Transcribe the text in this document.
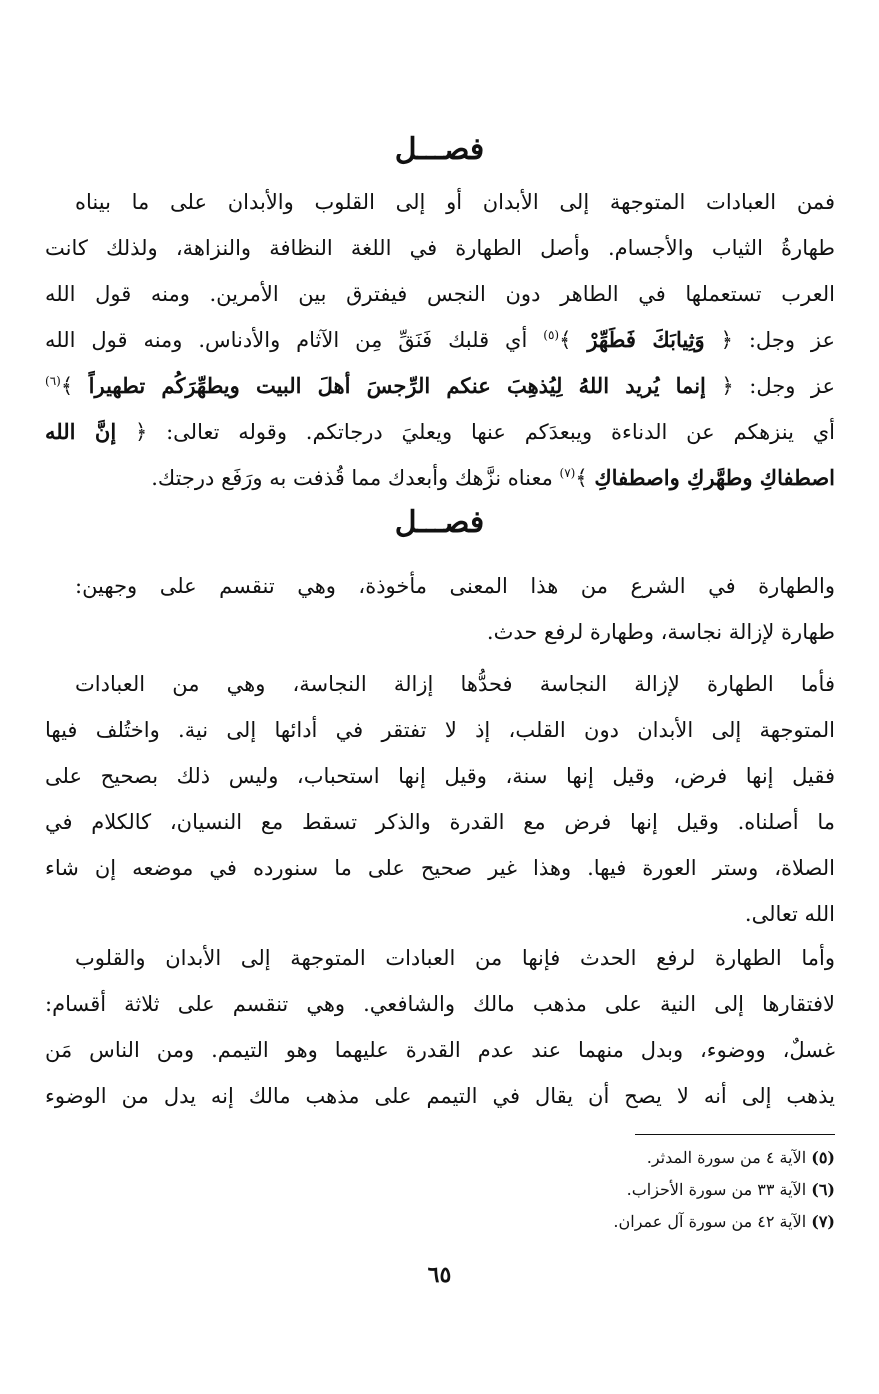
فصـــل
فمن العبادات المتوجهة إلى الأبدان أو إلى القلوب والأبدان على ما بيناه
طهارةُ الثياب والأجسام. وأصل الطهارة في اللغة النظافة والنزاهة، ولذلك كانت
العرب تستعملها في الطاهر دون النجس فيفترق بين الأمرين. ومنه قول الله
عز وجل: ﴿ وَثِيابَكَ فَطَهِّرْ ﴾$^{(٥)}$ أي قلبك فَنَقِّ مِن الآثام والأدناس. ومنه قول الله
عز وجل: ﴿ إنما يُريد اللهُ لِيُذهِبَ عنكم الرِّجسَ أهلَ البيت ويطهِّرَكُم تطهيراً ﴾$^{(٦)}$
أي ينزهكم عن الدناءة ويبعدَكم عنها ويعليَ درجاتكم. وقوله تعالى: ﴿ إنَّ الله
اصطفاكِ وطهَّركِ واصطفاكِ ﴾$^{(٧)}$ معناه نزَّهك وأبعدك مما قُذفت به ورَفَع درجتك.
فصـــل
والطهارة في الشرع من هذا المعنى مأخوذة، وهي تنقسم على وجهين:
طهارة لإزالة نجاسة، وطهارة لرفع حدث.
فأما الطهارة لإزالة النجاسة فحدُّها إزالة النجاسة، وهي من العبادات
المتوجهة إلى الأبدان دون القلب، إذ لا تفتقر في أدائها إلى نية. واختُلف فيها
فقيل إنها فرض، وقيل إنها سنة، وقيل إنها استحباب، وليس ذلك بصحيح على
ما أصلناه. وقيل إنها فرض مع القدرة والذكر تسقط مع النسيان، كالكلام في
الصلاة، وستر العورة فيها. وهذا غير صحيح على ما سنورده في موضعه إن شاء
الله تعالى.
وأما الطهارة لرفع الحدث فإنها من العبادات المتوجهة إلى الأبدان والقلوب
لافتقارها إلى النية على مذهب مالك والشافعي. وهي تنقسم على ثلاثة أقسام:
غسلٌ، ووضوء، وبدل منهما عند عدم القدرة عليهما وهو التيمم. ومن الناس مَن
يذهب إلى أنه لا يصح أن يقال في التيمم على مذهب مالك إنه يدل من الوضوء
(٥) الآية ٤ من سورة المدثر.
(٦) الآية ٣٣ من سورة الأحزاب.
(٧) الآية ٤٢ من سورة آل عمران.
٦٥
